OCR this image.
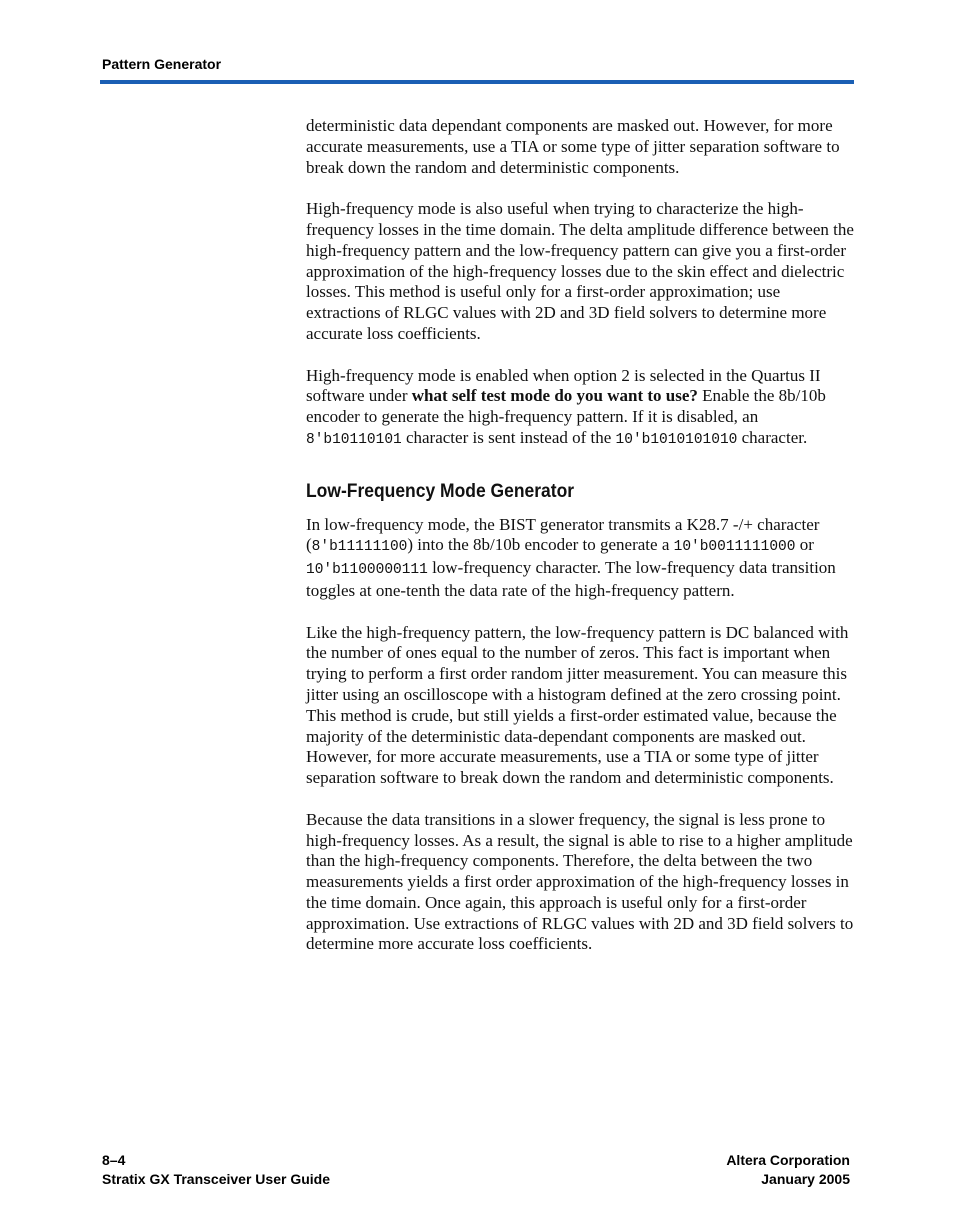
Pattern Generator

deterministic data dependant components are masked out. However, for more accurate measurements, use a TIA or some type of jitter separation software to break down the random and deterministic components.

High-frequency mode is also useful when trying to characterize the high-frequency losses in the time domain. The delta amplitude difference between the high-frequency pattern and the low-frequency pattern can give you a first-order approximation of the high-frequency losses due to the skin effect and dielectric losses. This method is useful only for a first-order approximation; use extractions of RLGC values with 2D and 3D field solvers to determine more accurate loss coefficients.

High-frequency mode is enabled when option 2 is selected in the Quartus II software under what self test mode do you want to use? Enable the 8b/10b encoder to generate the high-frequency pattern. If it is disabled, an 8'b10110101 character is sent instead of the 10'b1010101010 character.

Low-Frequency Mode Generator

In low-frequency mode, the BIST generator transmits a K28.7 -/+ character (8'b11111100) into the 8b/10b encoder to generate a 10'b0011111000 or 10'b1100000111 low-frequency character. The low-frequency data transition toggles at one-tenth the data rate of the high-frequency pattern.

Like the high-frequency pattern, the low-frequency pattern is DC balanced with the number of ones equal to the number of zeros. This fact is important when trying to perform a first order random jitter measurement. You can measure this jitter using an oscilloscope with a histogram defined at the zero crossing point. This method is crude, but still yields a first-order estimated value, because the majority of the deterministic data-dependant components are masked out. However, for more accurate measurements, use a TIA or some type of jitter separation software to break down the random and deterministic components.

Because the data transitions in a slower frequency, the signal is less prone to high-frequency losses. As a result, the signal is able to rise to a higher amplitude than the high-frequency components. Therefore, the delta between the two measurements yields a first order approximation of the high-frequency losses in the time domain. Once again, this approach is useful only for a first-order approximation. Use extractions of RLGC values with 2D and 3D field solvers to determine more accurate loss coefficients.

8–4
Stratix GX Transceiver User Guide
Altera Corporation
January 2005
